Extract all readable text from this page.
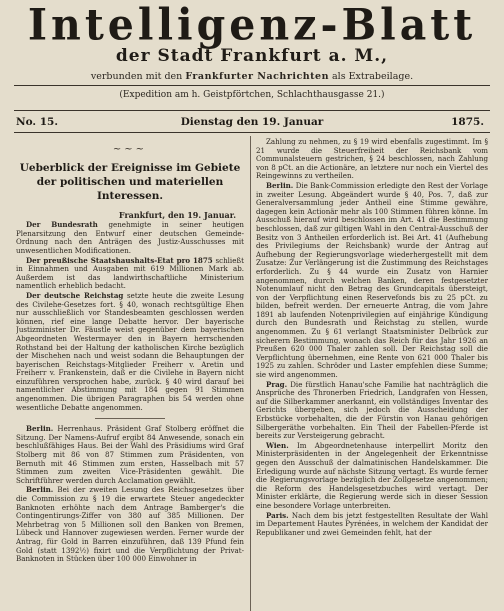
Intelligenz-Blatt
der Stadt Frankfurt a. M.,
verbunden mit den Frankfurter Nachrichten als Extrabeilage.
(Expedition am h. Geistpförtchen, Schlachthausgasse 21.)
No. 15.	Dienstag den 19. Januar	1875.
~~~
Ueberblick der Ereignisse im Gebiete der politischen und materiellen Interessen.
Frankfurt, den 19. Januar.

Der Bundesrath genehmigte in seiner heutigen Plenarsitzung den Entwurf einer deutschen Gemeinde-Ordnung nach den Anträgen des Justiz-Ausschusses mit unwesentlichen Modificationen.

Der preußische Staatshaushalts-Etat pro 1875 schließt in Einnahmen und Ausgaben mit 619 Millionen Mark ab. Außerdem ist das landwirthschaftliche Ministerium namentlich erheblich bedacht.

Der deutsche Reichstag setzte heute die zweite Lesung des Civilehe-Gesetzes fort. § 40, wonach rechtsgültige Ehen nur ausschließlich vor Standesbeamten geschlossen werden können, rief eine lange Debatte hervor. Der bayerische Justizminister Dr. Fäustle weist gegenüber dem bayerischen Abgeordneten Westermayer den in Bayern herrschenden Rothstand bei der Haltung der katholischen Kirche bezüglich der Mischehen nach und weist sodann die Behauptungen der bayerischen Reichstags-Mitglieder Freiherr v. Aretin und Freiherr v. Frankenstein, daß er die Civilehe in Bayern nicht einzuführen versprochen habe, zurück. § 40 wird darauf bei namentlicher Abstimmung mit 184 gegen 91 Stimmen angenommen. Die übrigen Paragraphen bis 54 werden ohne wesentliche Debatte angenommen.

Berlin. Herrenhaus. Präsident Graf Stolberg eröffnet die Sitzung. Der Namens-Aufruf ergibt 84 Anwesende, sonach ein beschlußfähiges Haus. Bei der Wahl des Präsidiums wird Graf Stolberg mit 86 von 87 Stimmen zum Präsidenten, von Bernuth mit 46 Stimmen zum ersten, Hasselbach mit 57 Stimmen zum zweiten Vice-Präsidenten gewählt. Die Schriftführer werden durch Acclamation gewählt.

Berlin. Bei der zweiten Lesung des Reichsgesetzes über die Commission zu § 19 die erwartete Steuer angedeckter Banknoten erhöhte nach dem Antrage Bamberger's die Contingentirungs-Ziffer von 380 auf 385 Millionen. Der Mehrbetrag von 5 Millionen soll den Banken von Bremen, Lübeck und Hannover zugewiesen werden. Ferner wurde der Antrag, für Gold in Barren einzuführen, daß 139 Pfund fein Gold (statt 1392½) fixirt und die Verpflichtung der Privat-Banknoten in Stücken über 100 000 Einwohner in

Zahlung zu nehmen, zu § 19 wird ebenfalls zugestimmt. Im § 21 wurde die Steuerfreiheit der Reichsbank vom Communalsteuern gestrichen, § 24 beschlossen, nach Zahlung von 8 pCt. an die Actionäre, an letztere nur noch ein Viertel des Reingewinns zu vertheilen.

Berlin. Die Bank-Commission erledigte den Rest der Vorlage in zweiter Lesung. Abgeändert wurde § 40, Pos. 7, daß zur Generalversammlung jeder Antheil eine Stimme gewähre, dagegen kein Actionär mehr als 100 Stimmen führen könne. Im Ausschuß hierauf wird beschlossen im Art. 41 die Bestimmung beschlossen, daß zur giltigen Wahl in den Central-Ausschuß der Besitz von 3 Antheilen erforderlich ist. Bei Art. 41 (Aufhebung des Privilegiums der Reichsbank) wurde der Antrag auf Aufhebung der Regierungsvorlage wiederhergestellt mit dem Zusatze: Zur Verlängerung ist die Zustimmung des Reichstages erforderlich. Zu § 44 wurde ein Zusatz von Harnier angenommen, durch welchen Banken, deren festgesetzter Notenumlauf nicht den Betrag des Grundcapitals übersteigt, von der Verpflichtung einen Reservefonds bis zu 25 pCt. zu bilden, befreit werden. Der erneuerte Antrag, die vom Jahre 1891 ab laufenden Notenprivilegien auf einjährige Kündigung durch den Bundesrath und Reichstag zu stellen, wurde angenommen. Zu § 61 verlangt Staatsminister Delbrück zur sicherern Bestimmung, wonach das Reich für das Jahr 1926 an Preußen 620 000 Thaler zahlen soll. Der Reichstag soll die Verpflichtung übernehmen, eine Rente von 621 000 Thaler bis 1925 zu zahlen. Schröder und Laster empfehlen diese Summe; sie wird angenommen.

Prag. Die fürstlich Hanau'sche Familie hat nachträglich die Ansprüche des Thronerben Friedrich, Landgrafen von Hessen, auf die Silberkammer anerkannt, ein vollständiges Inventar des Gerichts übergeben, sich jedoch die Ausscheidung der Erbstücke vorbehalten, die der Fürstin von Hanau gehörigen Silbergeräthe vorbehalten. Ein Theil der Fabellen-Pferde ist bereits zur Versteigerung gebracht.

Wien. Im Abgeordnetenhause interpellirt Moritz den Ministerpräsidenten in der Angelegenheit der Erkenntnisse gegen den Ausschuß der dalmatinischen Handelskammer. Die Erledigung wurde auf nächste Sitzung vertagt. Es wurde ferner die Regierungsvorlage bezüglich der Zollgesetze angenommen; die Reform des Handelsgesetzbuches wird vertagt. Der Minister erklärte, die Regierung werde sich in dieser Session eine besondere Vorlage unterbreiten.

Paris. Nach dem bis jetzt festgestellten Resultate der Wahl im Departement Hautes Pyrénées, in welchem der Kandidat der Republikaner und zwei Gemeinden fehlt, hat der
